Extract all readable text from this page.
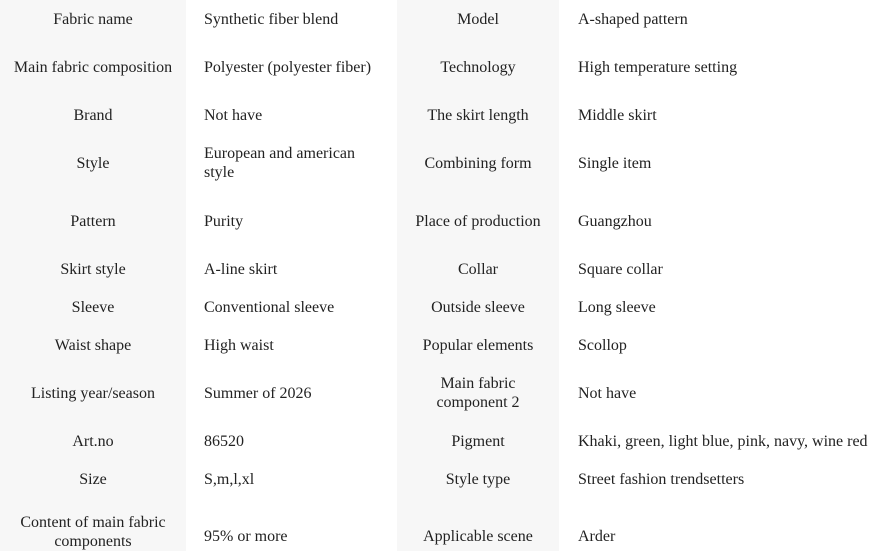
Fabric name	Synthetic fiber blend	Model	A-shaped pattern
Main fabric composition	Polyester (polyester fiber)	Technology	High temperature setting
Brand	Not have	The skirt length	Middle skirt
Style	European and american style	Combining form	Single item
Pattern	Purity	Place of production	Guangzhou
Skirt style	A-line skirt	Collar	Square collar
Sleeve	Conventional sleeve	Outside sleeve	Long sleeve
Waist shape	High waist	Popular elements	Scollop
Listing year/season	Summer of 2026	Main fabric component 2	Not have
Art.no	86520	Pigment	Khaki, green, light blue, pink, navy, wine red
Size	S,m,l,xl	Style type	Street fashion trendsetters
Content of main fabric components	95% or more	Applicable scene	Arder
